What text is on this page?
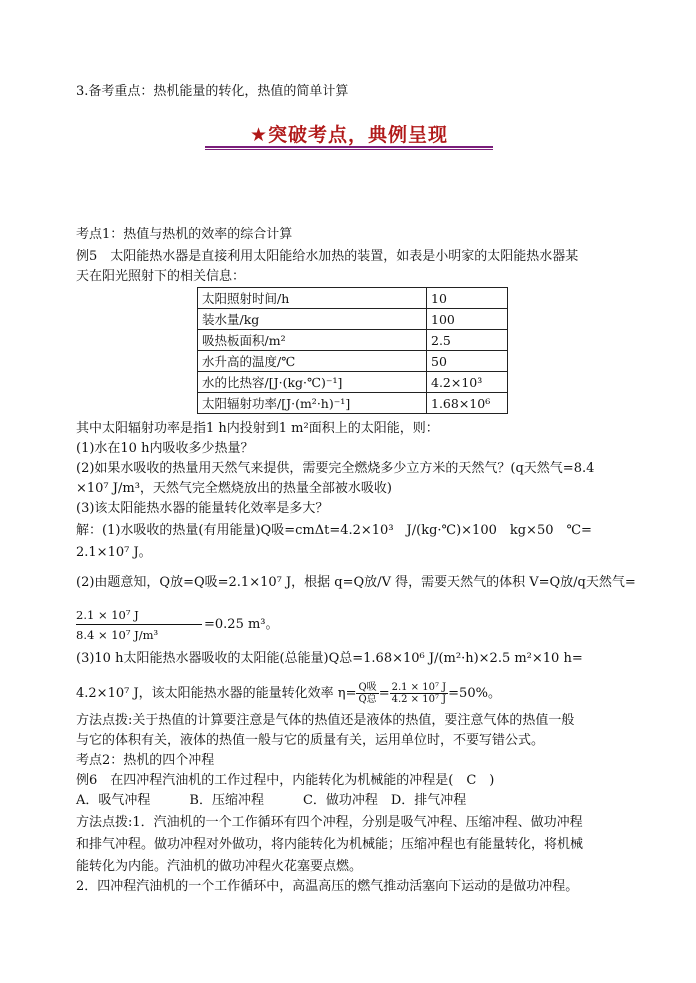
3.备考重点：热机能量的转化，热值的简单计算
★突破考点，典例呈现
考点1：热值与热机的效率的综合计算
例5　太阳能热水器是直接利用太阳能给水加热的装置，如表是小明家的太阳能热水器某
天在阳光照射下的相关信息：
太阳照射时间/h	10
装水量/kg	100
吸热板面积/m²	2.5
水升高的温度/℃	50
水的比热容/[J·(kg·℃)⁻¹]	4.2×10³
太阳辐射功率/[J·(m²·h)⁻¹]	1.68×10⁶
其中太阳辐射功率是指1 h内投射到1 m²面积上的太阳能，则：
(1)水在10 h内吸收多少热量？
(2)如果水吸收的热量用天然气来提供，需要完全燃烧多少立方米的天然气？(q天然气=8.4
×10⁷ J/m³，天然气完全燃烧放出的热量全部被水吸收)
(3)该太阳能热水器的能量转化效率是多大？
解：(1)水吸收的热量(有用能量)Q吸=cmΔt=4.2×10³　J/(kg·℃)×100　kg×50　℃=
2.1×10⁷ J。
(2)由题意知，Q放=Q吸=2.1×10⁷ J，根据 q=Q放/V 得，需要天然气的体积 V=Q放/q天然气=
2.1 × 10⁷ J
8.4 × 10⁷ J/m³
=0.25 m³。
(3)10 h太阳能热水器吸收的太阳能(总能量)Q总=1.68×10⁶ J/(m²·h)×2.5 m²×10 h=
4.2×10⁷ J，该太阳能热水器的能量转化效率 $\eta= \frac{\text{Q吸}}{\text{Q总}} = \frac{\text{2.1 × 10⁷ J}}{\text{4.2 × 10⁷ J}} =50\%$。
方法点拨:关于热值的计算要注意是气体的热值还是液体的热值，要注意气体的热值一般
与它的体积有关，液体的热值一般与它的质量有关，运用单位时，不要写错公式。
考点2：热机的四个冲程
例6　在四冲程汽油机的工作过程中，内能转化为机械能的冲程是(　C　)
A．吸气冲程　　　B．压缩冲程　　　C．做功冲程　D．排气冲程
方法点拨:1．汽油机的一个工作循环有四个冲程，分别是吸气冲程、压缩冲程、做功冲程
和排气冲程。做功冲程对外做功，将内能转化为机械能；压缩冲程也有能量转化，将机械
能转化为内能。汽油机的做功冲程火花塞要点燃。
2．四冲程汽油机的一个工作循环中，高温高压的燃气推动活塞向下运动的是做功冲程。
